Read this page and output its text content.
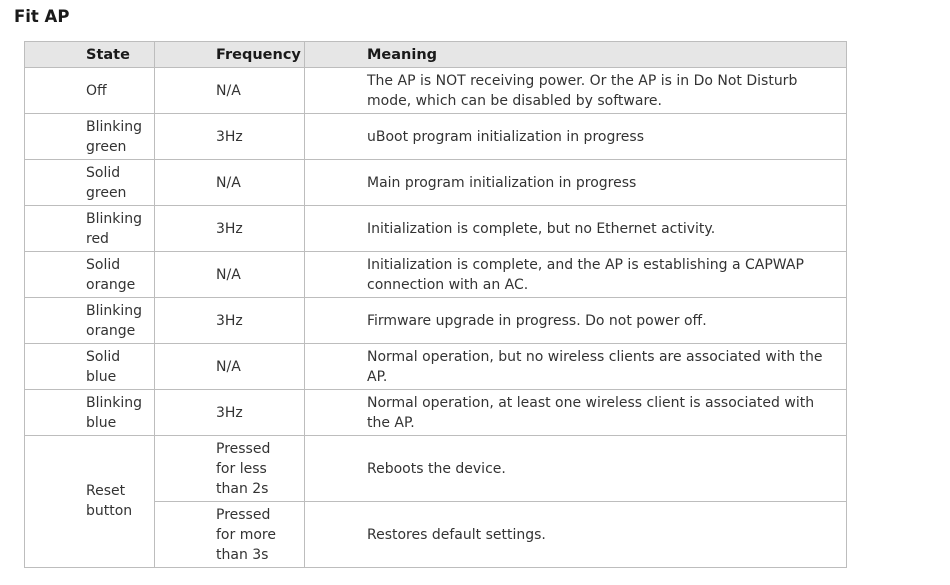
Fit AP
State	Frequency	Meaning
Off	N/A	The AP is NOT receiving power. Or the AP is in Do Not Disturb mode, which can be disabled by software.
Blinking green	3Hz	uBoot program initialization in progress
Solid green	N/A	Main program initialization in progress
Blinking red	3Hz	Initialization is complete, but no Ethernet activity.
Solid orange	N/A	Initialization is complete, and the AP is establishing a CAPWAP connection with an AC.
Blinking orange	3Hz	Firmware upgrade in progress. Do not power off.
Solid blue	N/A	Normal operation, but no wireless clients are associated with the AP.
Blinking blue	3Hz	Normal operation, at least one wireless client is associated with the AP.
Reset button	Pressed for less than 2s	Reboots the device.
	Pressed for more than 3s	Restores default settings.
